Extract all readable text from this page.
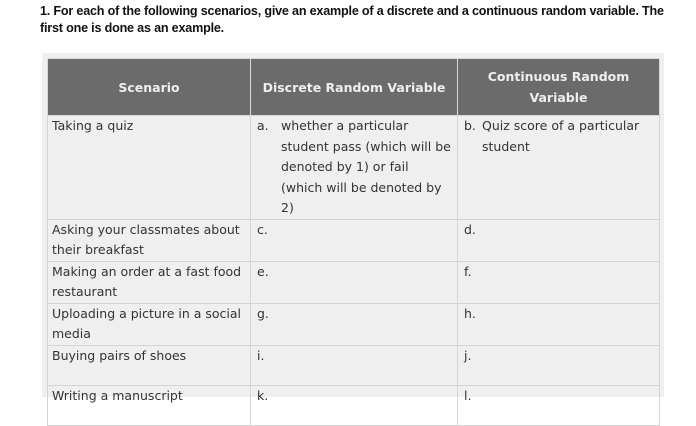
1. For each of the following scenarios, give an example of a discrete and a continuous random variable. The first one is done as an example.
Scenario	Discrete Random Variable	Continuous Random Variable
Taking a quiz	a. whether a particular student pass (which will be denoted by 1) or fail (which will be denoted by 2)	b. Quiz score of a particular student

Asking your classmates about their breakfast	c.	d.
Making an order at a fast food restaurant	e.	f.
Uploading a picture in a social media	g.	h.
Buying pairs of shoes	i.	j.
Writing a manuscript	k.	l.
